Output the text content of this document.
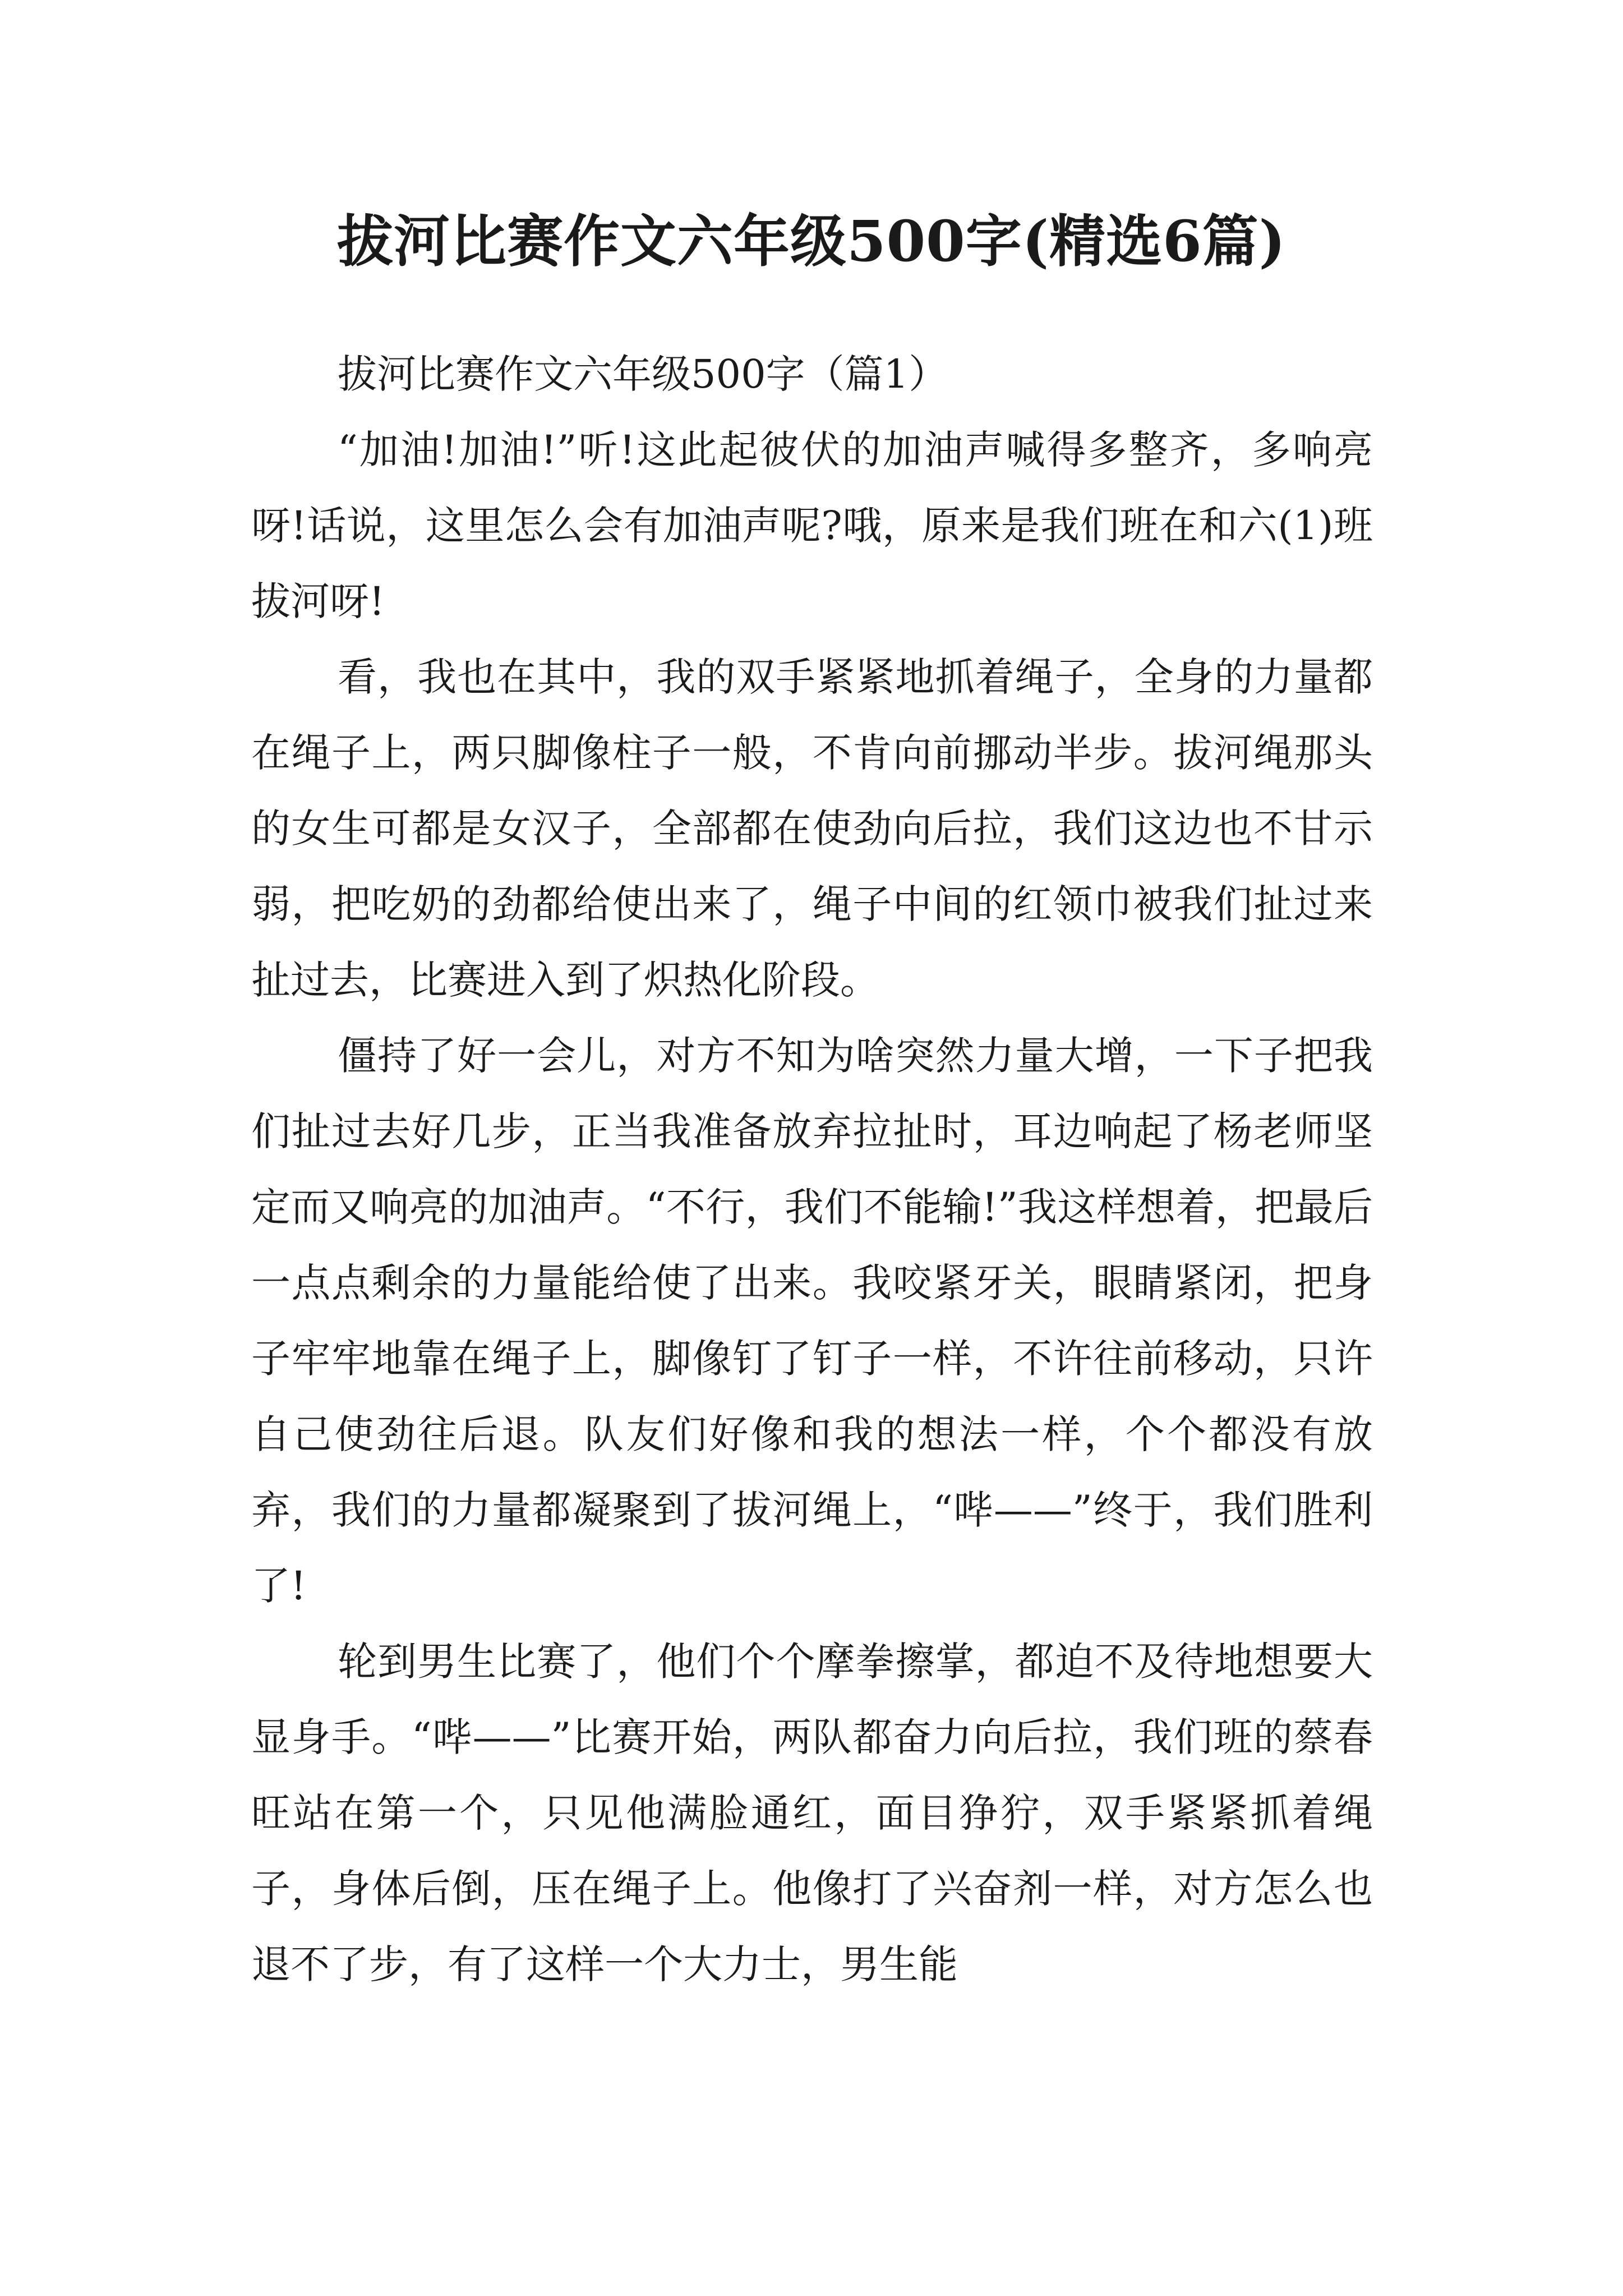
拔河比赛作文六年级500字(精选6篇)
拔河比赛作文六年级500字（篇1）

“加油!加油!”听!这此起彼伏的加油声喊得多整齐，多响亮呀!话说，这里怎么会有加油声呢?哦，原来是我们班在和六(1)班拔河呀!

看，我也在其中，我的双手紧紧地抓着绳子，全身的力量都在绳子上，两只脚像柱子一般，不肯向前挪动半步。拔河绳那头的女生可都是女汉子，全部都在使劲向后拉，我们这边也不甘示弱，把吃奶的劲都给使出来了，绳子中间的红领巾被我们扯过来扯过去，比赛进入到了炽热化阶段。

僵持了好一会儿，对方不知为啥突然力量大增，一下子把我们扯过去好几步，正当我准备放弃拉扯时，耳边响起了杨老师坚定而又响亮的加油声。“不行，我们不能输!”我这样想着，把最后一点点剩余的力量能给使了出来。我咬紧牙关，眼睛紧闭，把身子牢牢地靠在绳子上，脚像钉了钉子一样，不许往前移动，只许自己使劲往后退。队友们好像和我的想法一样，个个都没有放弃，我们的力量都凝聚到了拔河绳上，“哔——”终于，我们胜利了!

轮到男生比赛了，他们个个摩拳擦掌，都迫不及待地想要大显身手。“哔——”比赛开始，两队都奋力向后拉，我们班的蔡春旺站在第一个，只见他满脸通红，面目狰狞，双手紧紧抓着绳子，身体后倒，压在绳子上。他像打了兴奋剂一样，对方怎么也退不了步，有了这样一个大力士，男生能
